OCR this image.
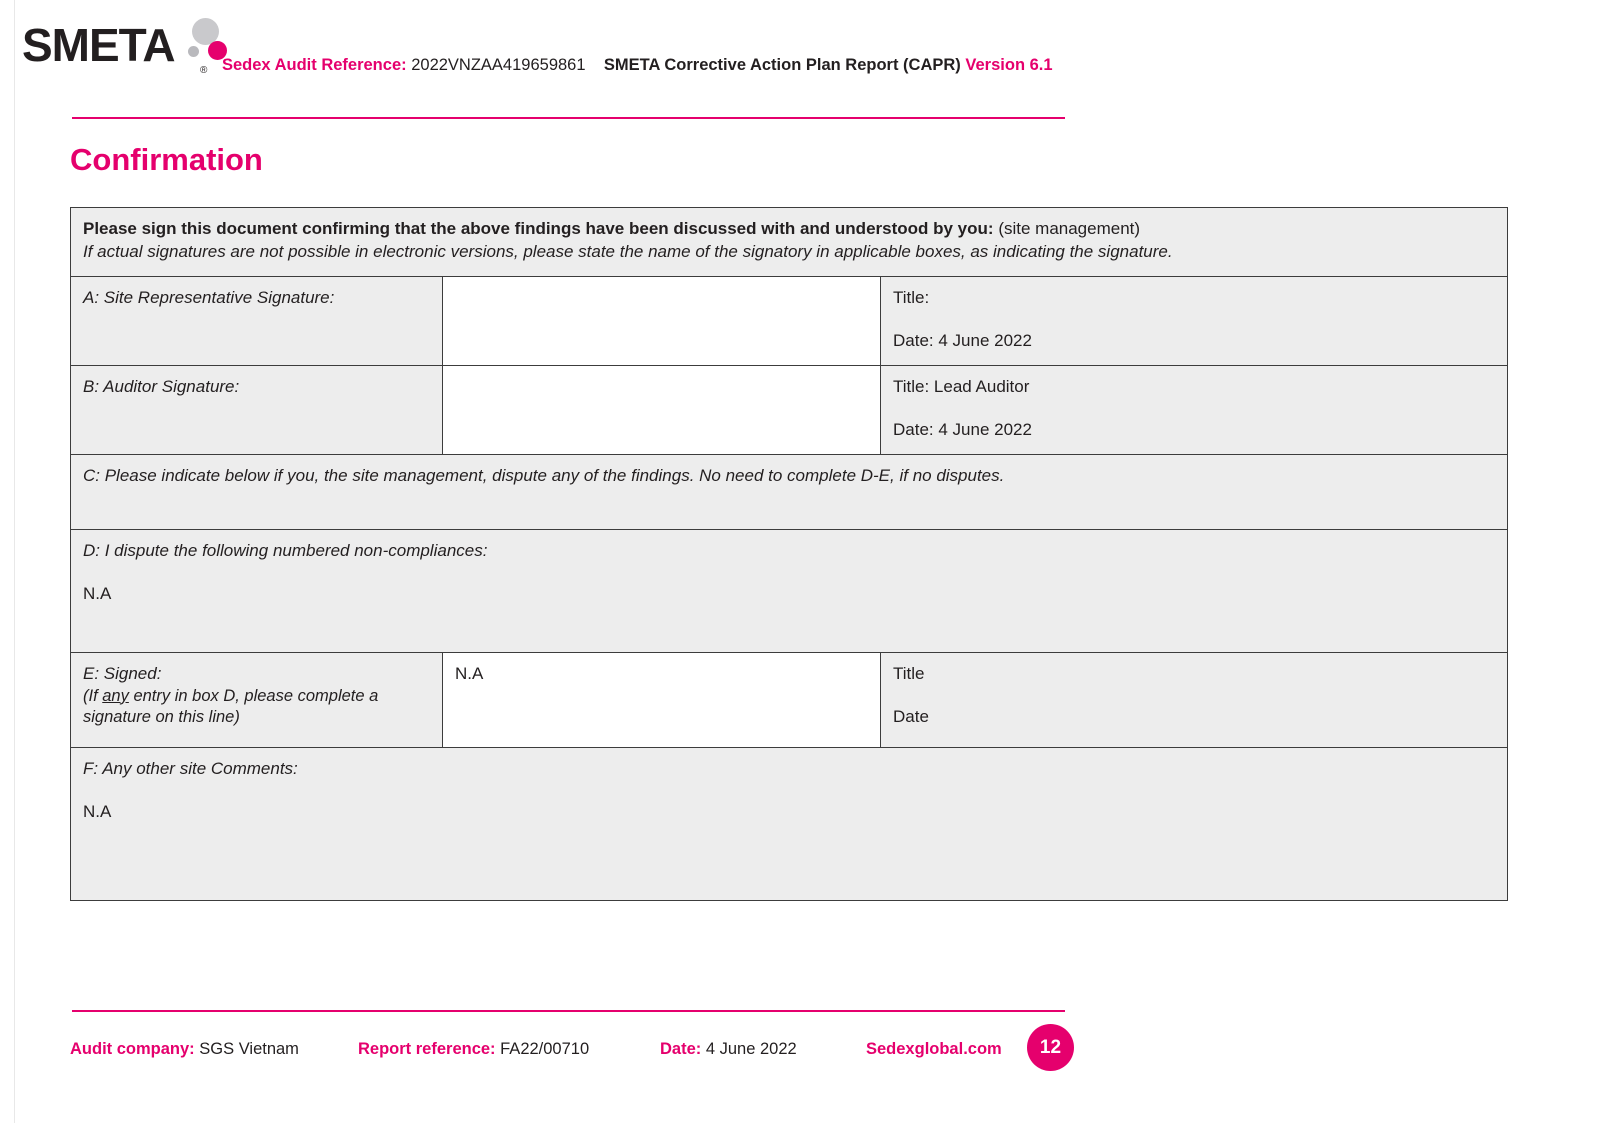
SMETA	® Sedex Audit Reference: 2022VNZAA419659861 SMETA Corrective Action Plan Report (CAPR) Version 6.1
Confirmation
Please sign this document confirming that the above findings have been discussed with and understood by you: (site management)
If actual signatures are not possible in electronic versions, please state the name of the signatory in applicable boxes, as indicating the signature.		

A: Site Representative Signature:		Title:
Date: 4 June 2022

B: Auditor Signature:		Title: Lead Auditor
Date: 4 June 2022

C: Please indicate below if you, the site management, dispute any of the findings. No need to complete D-E, if no disputes.		

D: I dispute the following numbered non-compliances:
N.A		

E: Signed:
(If any entry in box D, please complete a signature on this line)
	N.A	Title
Date

F: Any other site Comments:
N.A		
Audit company: SGS Vietnam	Report reference: FA22/00710	Date: 4 June 2022	Sedexglobal.com	12
